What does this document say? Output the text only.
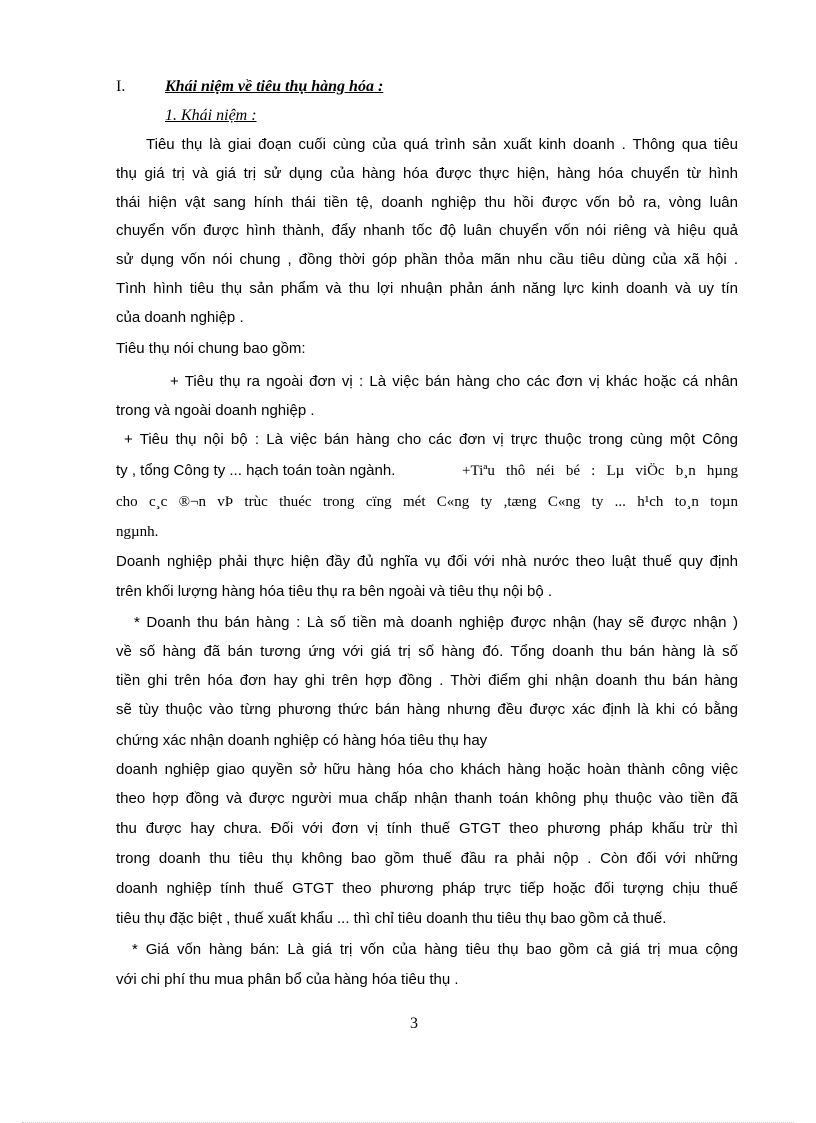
I. Khái niệm về tiêu thụ hàng hóa :
1. Khái niệm :
Tiêu thụ là giai đoạn cuối cùng của quá trình sản xuất kinh doanh . Thông qua tiêu
thụ giá trị và giá trị sử dụng của hàng hóa được thực hiện, hàng hóa chuyển từ hình
thái hiện vật sang hính thái tiền tệ, doanh nghiệp thu hồi được vốn bỏ ra, vòng luân
chuyển vốn được hình thành, đẩy nhanh tốc độ luân chuyển vốn nói riêng và hiệu quả
sử dụng vốn nói chung , đồng thời góp phần thỏa mãn nhu cầu tiêu dùng của xã hội .
Tình hình tiêu thụ sản phẩm và thu lợi nhuận phản ánh năng lực kinh doanh và uy tín
của doanh nghiệp .
Tiêu thụ nói chung bao gồm:
+ Tiêu thụ ra ngoài đơn vị : Là việc bán hàng cho các đơn vị khác hoặc cá nhân
trong và ngoài doanh nghiệp .
+ Tiêu thụ nội bộ : Là việc bán hàng cho các đơn vị trực thuộc trong cùng một Công
ty , tổng Công ty ... hạch toán toàn ngành.	+Tiªu thô néi bé : Lµ viÖc b¸n hµng
cho c¸c ®¬n vÞ trùc thuéc trong cïng mét C«ng ty ,tæng C«ng ty ... h¹ch to¸n toµn
ngµnh.
Doanh nghiệp phải thực hiện đầy đủ nghĩa vụ đối với nhà nước theo luật thuế quy định
trên khối lượng hàng hóa tiêu thụ ra bên ngoài và tiêu thụ nội bộ .
* Doanh thu bán hàng : Là số tiền mà doanh nghiệp được nhận (hay sẽ được nhận )
về số hàng đã bán tương ứng với giá trị số hàng đó. Tổng doanh thu bán hàng là số
tiền ghi trên hóa đơn hay ghi trên hợp đồng . Thời điểm ghi nhận doanh thu bán hàng
sẽ tùy thuộc vào từng phương thức bán hàng nhưng đều được xác định là khi có bằng
chứng xác nhận doanh nghiệp có hàng hóa tiêu thụ hay
doanh nghiệp giao quyền sở hữu hàng hóa cho khách hàng hoặc hoàn thành công việc
theo hợp đồng và được người mua chấp nhận thanh toán không phụ thuộc vào tiền đã
thu được hay chưa. Đối với đơn vị tính thuế GTGT theo phương pháp khấu trừ thì
trong doanh thu tiêu thụ không bao gồm thuế đầu ra phải nộp . Còn đối với những
doanh nghiệp tính thuế GTGT theo phương pháp trực tiếp hoặc đối tượng chịu thuế
tiêu thụ đặc biệt , thuế xuất khẩu ... thì chỉ tiêu doanh thu tiêu thụ bao gồm cả thuế.
* Giá vốn hàng bán: Là giá trị vốn của hàng tiêu thụ bao gồm cả giá trị mua cộng
với chi phí thu mua phân bổ của hàng hóa tiêu thụ .
3
